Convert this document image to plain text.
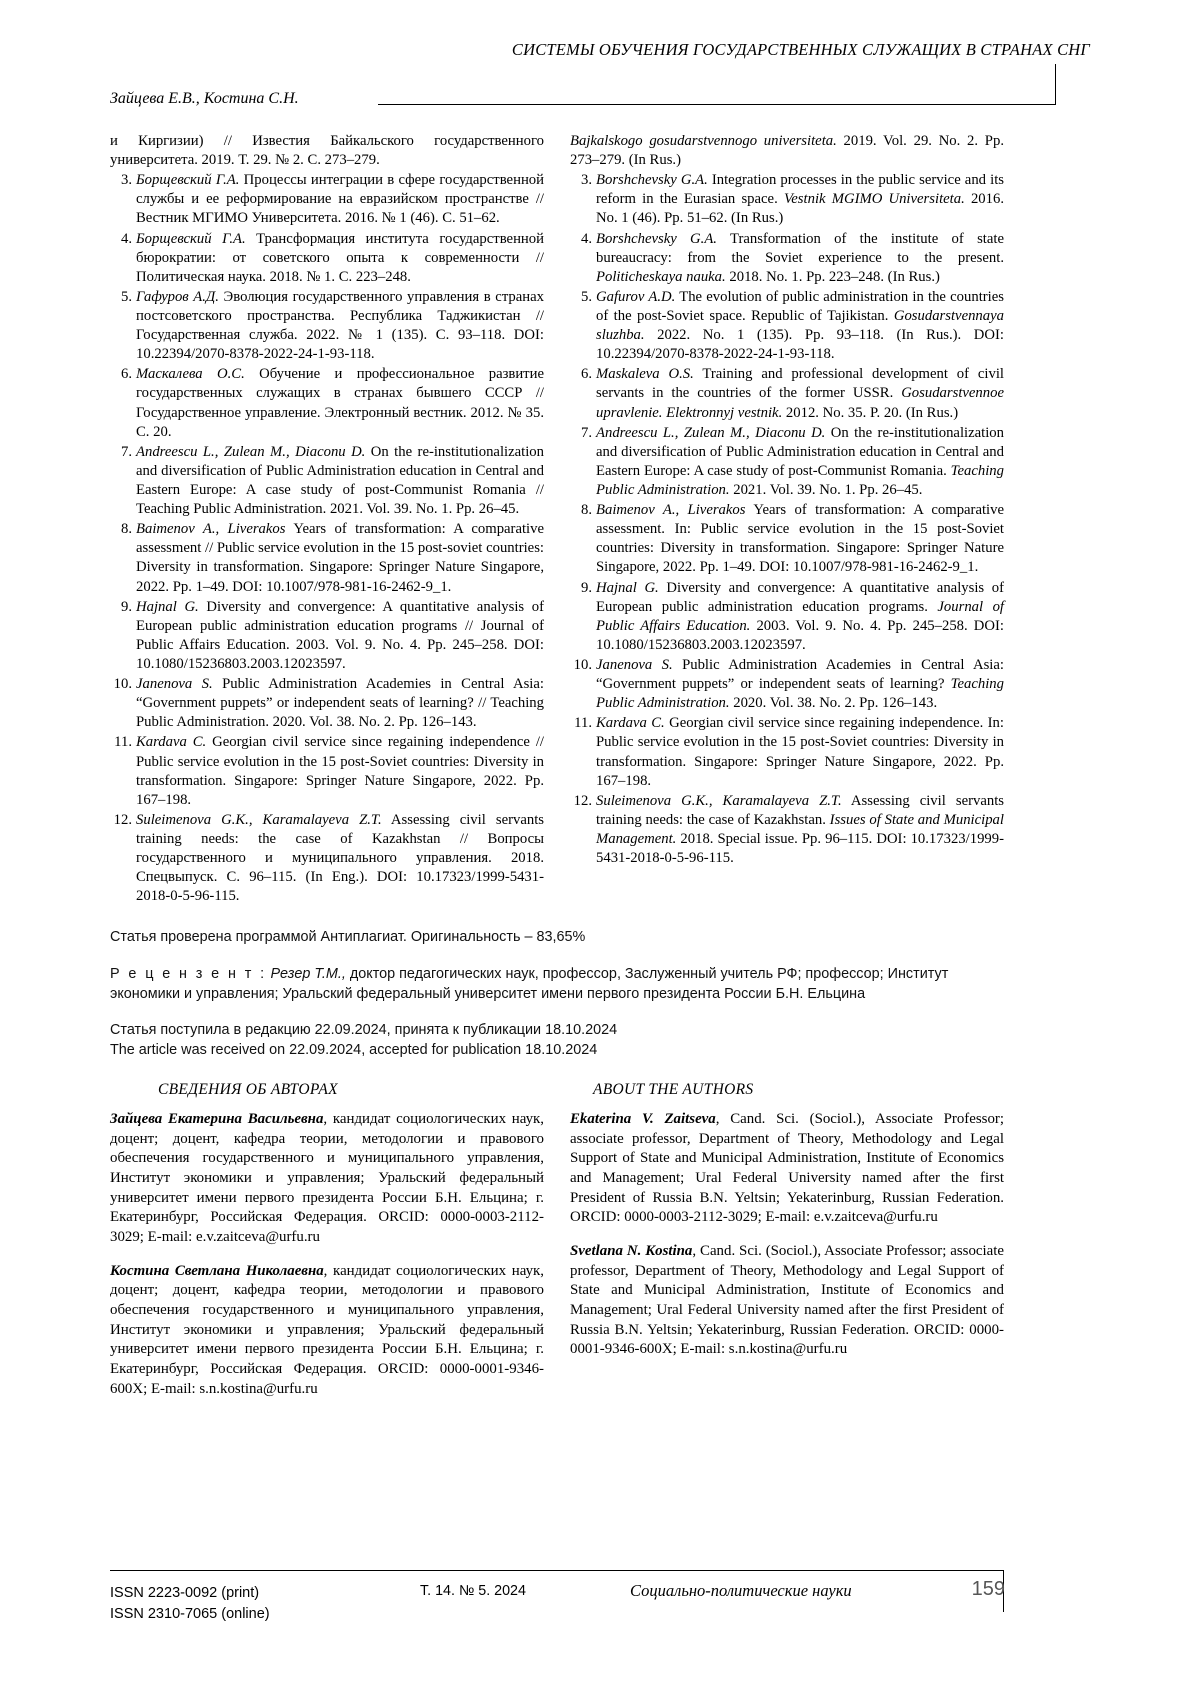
СИСТЕМЫ ОБУЧЕНИЯ ГОСУДАРСТВЕННЫХ СЛУЖАЩИХ В СТРАНАХ СНГ
Зайцева Е.В., Костина С.Н.
и Киргизии) // Известия Байкальского государственного университета. 2019. Т. 29. № 2. С. 273–279.
3. Борщевский Г.А. Процессы интеграции в сфере государственной службы и ее реформирование на евразийском пространстве // Вестник МГИМО Университета. 2016. № 1 (46). С. 51–62.
4. Борщевский Г.А. Трансформация института государственной бюрократии: от советского опыта к современности // Политическая наука. 2018. № 1. С. 223–248.
5. Гафуров А.Д. Эволюция государственного управления в странах постсоветского пространства. Республика Таджикистан // Государственная служба. 2022. № 1 (135). С. 93–118. DOI: 10.22394/2070-8378-2022-24-1-93-118.
6. Маскалева О.С. Обучение и профессиональное развитие государственных служащих в странах бывшего СССР // Государственное управление. Электронный вестник. 2012. № 35. С. 20.
7. Andreescu L., Zulean M., Diaconu D. On the re-institutionalization and diversification of Public Administration education in Central and Eastern Europe: A case study of post-Communist Romania // Teaching Public Administration. 2021. Vol. 39. No. 1. Pp. 26–45.
8. Baimenov A., Liverakos Years of transformation: A comparative assessment // Public service evolution in the 15 post-soviet countries: Diversity in transformation. Singapore: Springer Nature Singapore, 2022. Pp. 1–49. DOI: 10.1007/978-981-16-2462-9_1.
9. Hajnal G. Diversity and convergence: A quantitative analysis of European public administration education programs // Journal of Public Affairs Education. 2003. Vol. 9. No. 4. Pp. 245–258. DOI: 10.1080/15236803.2003.12023597.
10. Janenova S. Public Administration Academies in Central Asia: “Government puppets” or independent seats of learning? // Teaching Public Administration. 2020. Vol. 38. No. 2. Pp. 126–143.
11. Kardava C. Georgian civil service since regaining independence // Public service evolution in the 15 post-Soviet countries: Diversity in transformation. Singapore: Springer Nature Singapore, 2022. Pp. 167–198.
12. Suleimenova G.K., Karamalayeva Z.T. Assessing civil servants training needs: the case of Kazakhstan // Вопросы государственного и муниципального управления. 2018. Спецвыпуск. С. 96–115. (In Eng.). DOI: 10.17323/1999-5431-2018-0-5-96-115.
Bajkalskogo gosudarstvennogo universiteta. 2019. Vol. 29. No. 2. Pp. 273–279. (In Rus.)
3. Borshchevsky G.A. Integration processes in the public service and its reform in the Eurasian space. Vestnik MGIMO Universiteta. 2016. No. 1 (46). Pp. 51–62. (In Rus.)
4. Borshchevsky G.A. Transformation of the institute of state bureaucracy: from the Soviet experience to the present. Politicheskaya nauka. 2018. No. 1. Pp. 223–248. (In Rus.)
5. Gafurov A.D. The evolution of public administration in the countries of the post-Soviet space. Republic of Tajikistan. Gosudarstvennaya sluzhba. 2022. No. 1 (135). Pp. 93–118. (In Rus.). DOI: 10.22394/2070-8378-2022-24-1-93-118.
6. Maskaleva O.S. Training and professional development of civil servants in the countries of the former USSR. Gosudarstvennoe upravlenie. Elektronnyj vestnik. 2012. No. 35. P. 20. (In Rus.)
7. Andreescu L., Zulean M., Diaconu D. On the re-institutionalization and diversification of Public Administration education in Central and Eastern Europe: A case study of post-Communist Romania. Teaching Public Administration. 2021. Vol. 39. No. 1. Pp. 26–45.
8. Baimenov A., Liverakos Years of transformation: A comparative assessment. In: Public service evolution in the 15 post-Soviet countries: Diversity in transformation. Singapore: Springer Nature Singapore, 2022. Pp. 1–49. DOI: 10.1007/978-981-16-2462-9_1.
9. Hajnal G. Diversity and convergence: A quantitative analysis of European public administration education programs. Journal of Public Affairs Education. 2003. Vol. 9. No. 4. Pp. 245–258. DOI: 10.1080/15236803.2003.12023597.
10. Janenova S. Public Administration Academies in Central Asia: “Government puppets” or independent seats of learning? Teaching Public Administration. 2020. Vol. 38. No. 2. Pp. 126–143.
11. Kardava C. Georgian civil service since regaining independence. In: Public service evolution in the 15 post-Soviet countries: Diversity in transformation. Singapore: Springer Nature Singapore, 2022. Pp. 167–198.
12. Suleimenova G.K., Karamalayeva Z.T. Assessing civil servants training needs: the case of Kazakhstan. Issues of State and Municipal Management. 2018. Special issue. Pp. 96–115. DOI: 10.17323/1999-5431-2018-0-5-96-115.
Статья проверена программой Антиплагиат. Оригинальность – 83,65%
Р е ц е н з е н т : Резер Т.М., доктор педагогических наук, профессор, Заслуженный учитель РФ; профессор; Институт экономики и управления; Уральский федеральный университет имени первого президента России Б.Н. Ельцина
Статья поступила в редакцию 22.09.2024, принята к публикации 18.10.2024
The article was received on 22.09.2024, accepted for publication 18.10.2024
СВЕДЕНИЯ ОБ АВТОРАХ	ABOUT THE AUTHORS

Зайцева Екатерина Васильевна, кандидат социологических наук, доцент; доцент, кафедра теории, методологии и правового обеспечения государственного и муниципального управления, Институт экономики и управления; Уральский федеральный университет имени первого президента России Б.Н. Ельцина; г. Екатеринбург, Российская Федерация. ORCID: 0000-0003-2112-3029; E-mail: e.v.zaitceva@urfu.ru

Костина Светлана Николаевна, кандидат социологических наук, доцент; доцент, кафедра теории, методологии и правового обеспечения государственного и муниципального управления, Институт экономики и управления; Уральский федеральный университет имени первого президента России Б.Н. Ельцина; г. Екатеринбург, Российская Федерация. ORCID: 0000-0001-9346-600X; E-mail: s.n.kostina@urfu.ru

Ekaterina V. Zaitseva, Cand. Sci. (Sociol.), Associate Professor; associate professor, Department of Theory, Methodology and Legal Support of State and Municipal Administration, Institute of Economics and Management; Ural Federal University named after the first President of Russia B.N. Yeltsin; Yekaterinburg, Russian Federation. ORCID: 0000-0003-2112-3029; E-mail: e.v.zaitceva@urfu.ru

Svetlana N. Kostina, Cand. Sci. (Sociol.), Associate Professor; associate professor, Department of Theory, Methodology and Legal Support of State and Municipal Administration, Institute of Economics and Management; Ural Federal University named after the first President of Russia B.N. Yeltsin; Yekaterinburg, Russian Federation. ORCID: 0000-0001-9346-600X; E-mail: s.n.kostina@urfu.ru

ISSN 2223-0092 (print)
ISSN 2310-7065 (online)
Т. 14. № 5. 2024	Социально-политические науки	159
